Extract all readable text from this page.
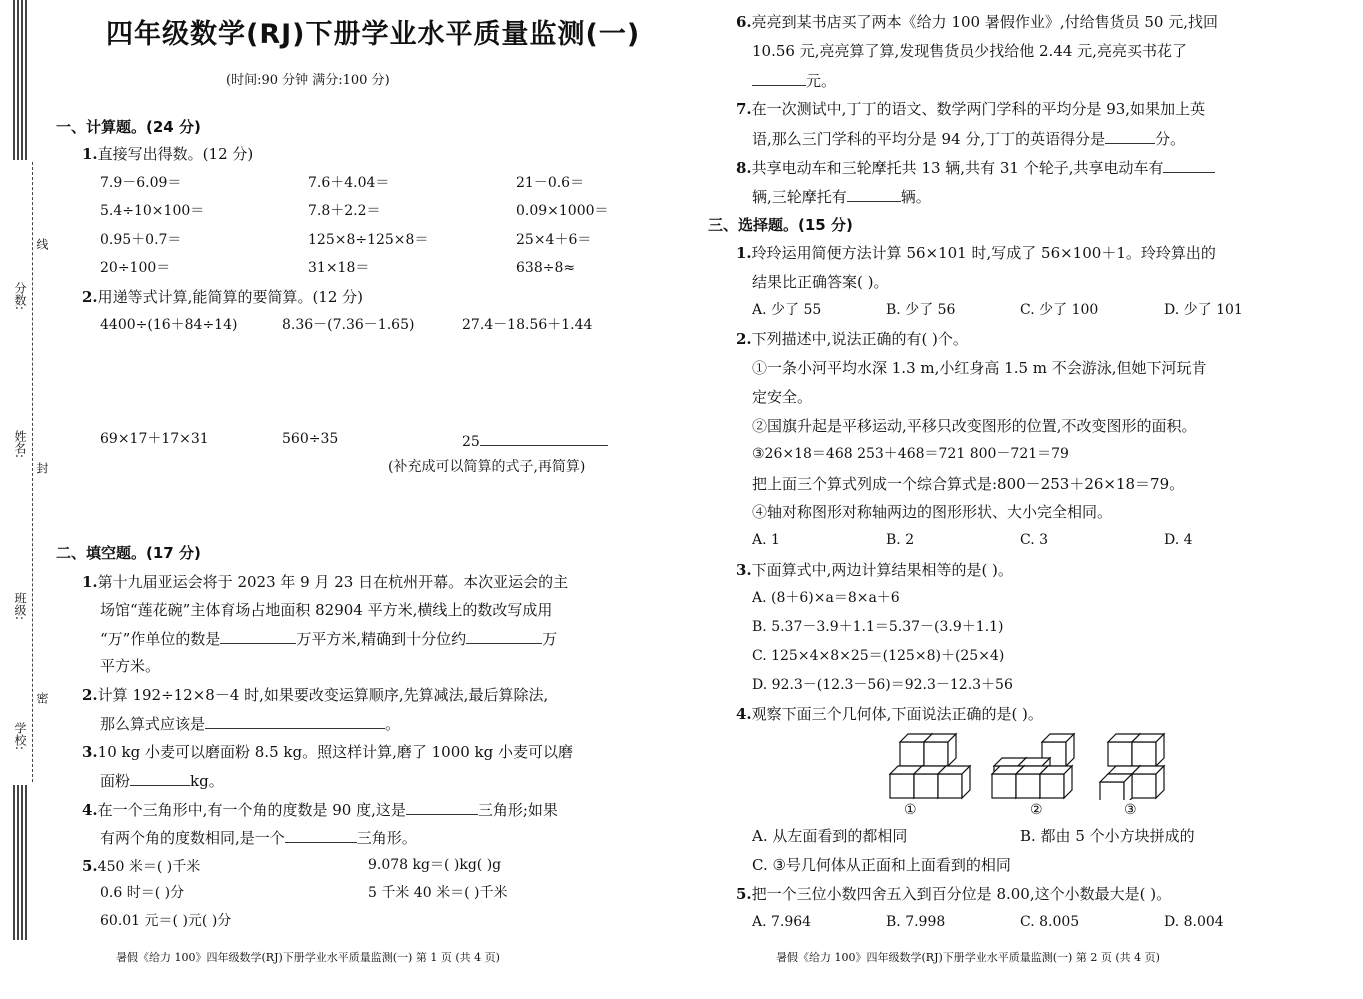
分数:
线
姓名:
封
班级:
学校:
密
四年级数学(RJ)下册学业水平质量监测(一)
(时间:90 分钟 满分:100 分)
一、计算题。(24 分)
1.直接写出得数。(12 分)
7.9－6.09＝	7.6＋4.04＝	21－0.6＝
5.4÷10×100＝	7.8＋2.2＝	0.09×1000＝
0.95＋0.7＝	125×8÷125×8＝	25×4＋6＝
20÷100＝	31×18＝	638÷8≈
2.用递等式计算,能简算的要简算。(12 分)
4400÷(16＋84÷14)	8.36－(7.36－1.65)	27.4－18.56＋1.44
69×17＋17×31	560÷35	25
(补充成可以简算的式子,再简算)
二、填空题。(17 分)
1.第十九届亚运会将于 2023 年 9 月 23 日在杭州开幕。本次亚运会的主
场馆“莲花碗”主体育场占地面积 82904 平方米,横线上的数改写成用
“万”作单位的数是	万平方米,精确到十分位约	万
平方米。
2.计算 192÷12×8－4 时,如果要改变运算顺序,先算减法,最后算除法,
那么算式应该是	。
3.10 kg 小麦可以磨面粉 8.5 kg。照这样计算,磨了 1000 kg 小麦可以磨
面粉	kg。
4.在一个三角形中,有一个角的度数是 90 度,这是	三角形;如果
有两个角的度数相同,是一个	三角形。
5.450 米＝( )千米	9.078 kg＝( )kg( )g
0.6 时＝( )分	5 千米 40 米＝( )千米
60.01 元＝( )元( )分
暑假《给力 100》四年级数学(RJ)下册学业水平质量监测(一) 第 1 页 (共 4 页)
6.亮亮到某书店买了两本《给力 100 暑假作业》,付给售货员 50 元,找回
10.56 元,亮亮算了算,发现售货员少找给他 2.44 元,亮亮买书花了
元。
7.在一次测试中,丁丁的语文、数学两门学科的平均分是 93,如果加上英
语,那么三门学科的平均分是 94 分,丁丁的英语得分是	分。
8.共享电动车和三轮摩托共 13 辆,共有 31 个轮子,共享电动车有
辆,三轮摩托有	辆。
三、选择题。(15 分)
1.玲玲运用简便方法计算 56×101 时,写成了 56×100＋1。玲玲算出的
结果比正确答案( )。
A. 少了 55	B. 少了 56	C. 少了 100	D. 少了 101
2.下列描述中,说法正确的有( )个。
①一条小河平均水深 1.3 m,小红身高 1.5 m 不会游泳,但她下河玩肯
定安全。
②国旗升起是平移运动,平移只改变图形的位置,不改变图形的面积。
③26×18＝468 253＋468＝721 800－721＝79
把上面三个算式列成一个综合算式是:800－253＋26×18＝79。
④轴对称图形对称轴两边的图形形状、大小完全相同。
A. 1	B. 2	C. 3	D. 4
3.下面算式中,两边计算结果相等的是( )。
A. (8＋6)×a＝8×a＋6
B. 5.37－3.9＋1.1＝5.37－(3.9＋1.1)
C. 125×4×8×25＝(125×8)＋(25×4)
D. 92.3－(12.3－56)＝92.3－12.3＋56
4.观察下面三个几何体,下面说法正确的是( )。
①	②	③
A. 从左面看到的都相同	B. 都由 5 个小方块拼成的
C. ③号几何体从正面和上面看到的相同
5.把一个三位小数四舍五入到百分位是 8.00,这个小数最大是( )。
A. 7.964	B. 7.998	C. 8.005	D. 8.004
暑假《给力 100》四年级数学(RJ)下册学业水平质量监测(一) 第 2 页 (共 4 页)
